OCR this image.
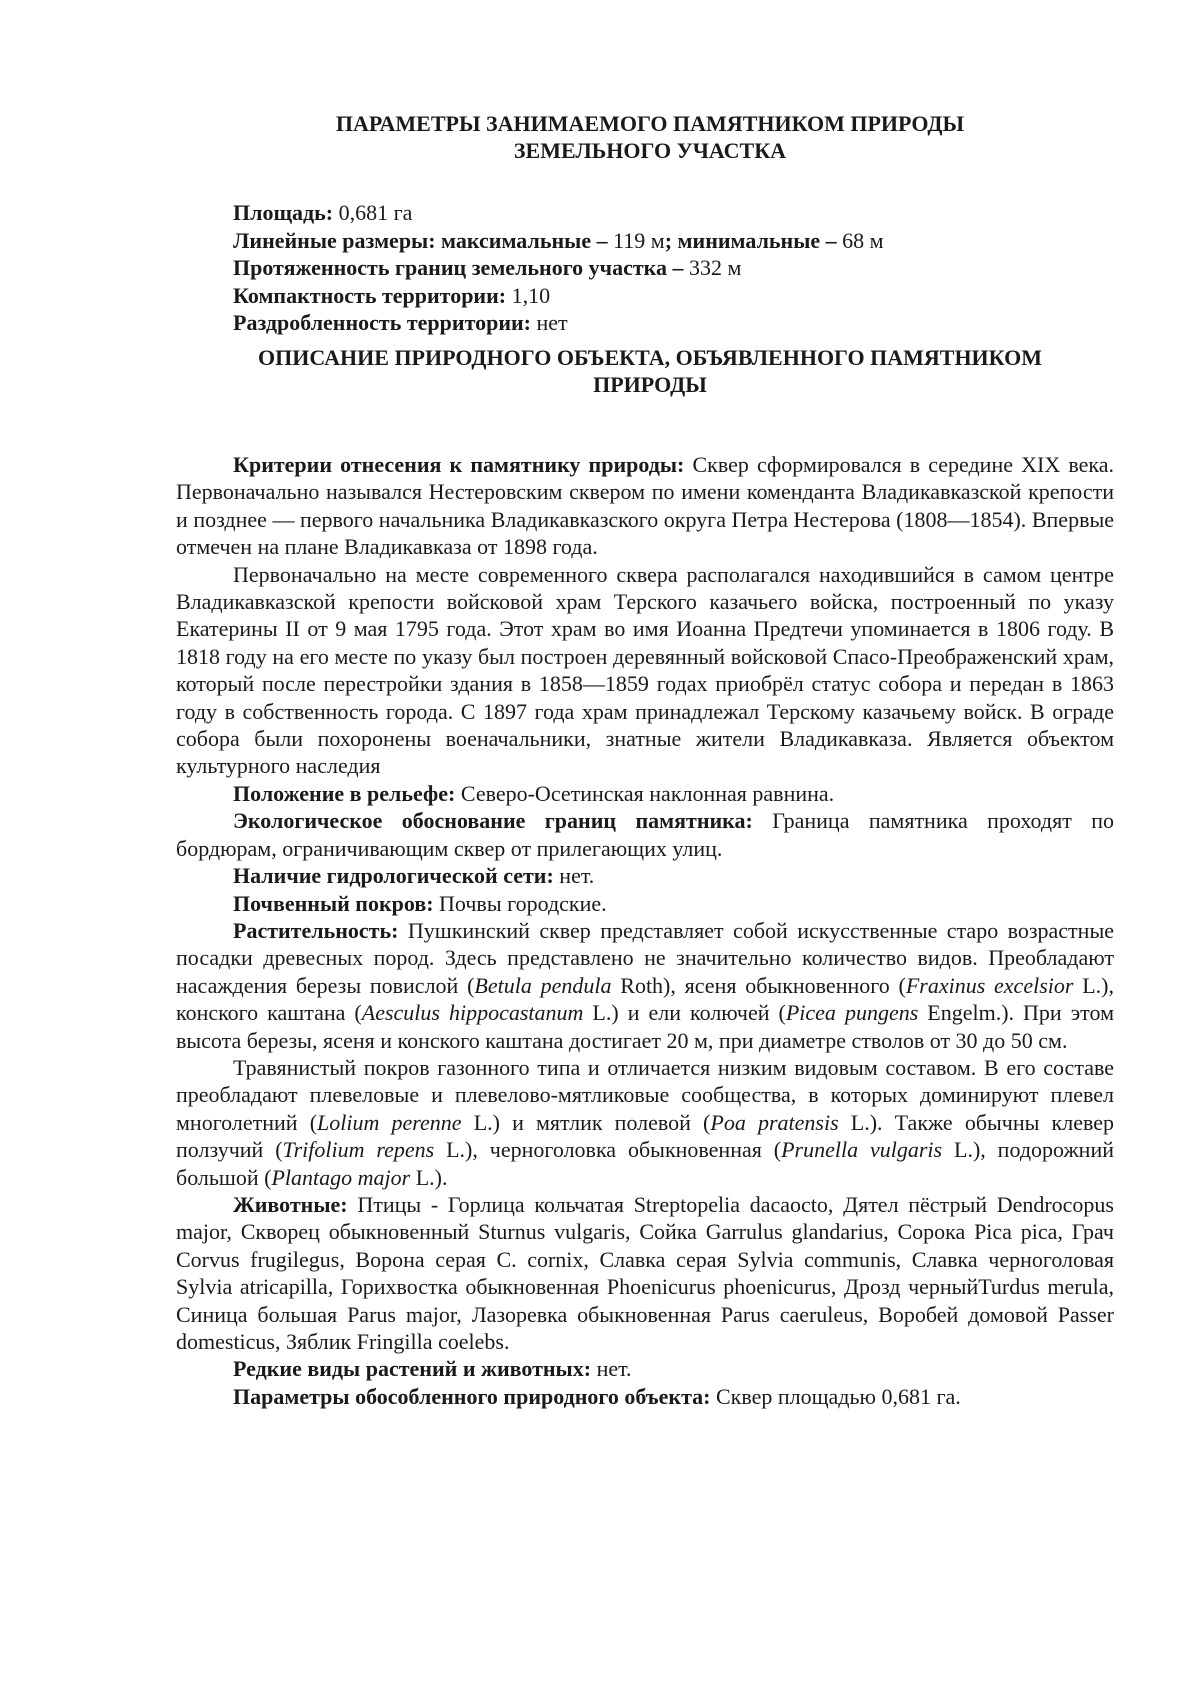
ПАРАМЕТРЫ ЗАНИМАЕМОГО ПАМЯТНИКОМ ПРИРОДЫ
ЗЕМЕЛЬНОГО УЧАСТКА
Площадь: 0,681 га
Линейные размеры: максимальные – 119 м; минимальные – 68 м
Протяженность границ земельного участка – 332 м
Компактность территории: 1,10
Раздробленность территории: нет
ОПИСАНИЕ ПРИРОДНОГО ОБЪЕКТА, ОБЪЯВЛЕННОГО ПАМЯТНИКОМ
ПРИРОДЫ

Критерии отнесения к памятнику природы: Сквер сформировался в середине XIX века. Первоначально назывался Нестеровским сквером по имени коменданта Владикавказской крепости и позднее — первого начальника Владикавказского округа Петра Нестерова (1808—1854). Впервые отмечен на плане Владикавказа от 1898 года.

Первоначально на месте современного сквера располагался находившийся в самом центре Владикавказской крепости войсковой храм Терского казачьего войска, построенный по указу Екатерины II от 9 мая 1795 года. Этот храм во имя Иоанна Предтечи упоминается в 1806 году. В 1818 году на его месте по указу был построен деревянный войсковой Спасо-Преображенский храм, который после перестройки здания в 1858—1859 годах приобрёл статус собора и передан в 1863 году в собственность города. С 1897 года храм принадлежал Терскому казачьему войск. В ограде собора были похоронены военачальники, знатные жители Владикавказа. Является объектом культурного наследия

Положение в рельефе: Северо-Осетинская наклонная равнина.

Экологическое обоснование границ памятника: Граница памятника проходят по бордюрам, ограничивающим сквер от прилегающих улиц.

Наличие гидрологической сети: нет.

Почвенный покров: Почвы городские.

Растительность: Пушкинский сквер представляет собой искусственные старо возрастные посадки древесных пород. Здесь представлено не значительно количество видов. Преобладают насаждения березы повислой (Betula pendula Roth), ясеня обыкновенного (Fraxinus excelsior L.), конского каштана (Aesculus hippocastanum L.) и ели колючей (Picea pungens Engelm.). При этом высота березы, ясеня и конского каштана достигает 20 м, при диаметре стволов от 30 до 50 см.

Травянистый покров газонного типа и отличается низким видовым составом. В его составе преобладают плевеловые и плевелово-мятликовые сообщества, в которых доминируют плевел многолетний (Lolium perenne L.) и мятлик полевой (Poa pratensis L.). Также обычны клевер ползучий (Trifolium repens L.), черноголовка обыкновенная (Prunella vulgaris L.), подорожний большой (Plantago major L.).

Животные: Птицы - Горлица кольчатая Streptopelia dacaocto, Дятел пёстрый Dendrocopus major, Скворец обыкновенный Sturnus vulgaris, Сойка Garrulus glandarius, Сорока Pica pica, Грач Corvus frugilegus, Ворона серая C. cornix, Славка серая Sylvia communis, Славка черноголовая Sylvia atricapilla, Горихвостка обыкновенная Phoenicurus phoenicurus, Дрозд черныйTurdus merula, Синица большая Parus major, Лазоревка обыкновенная Parus caeruleus, Воробей домовой Passer domesticus, Зяблик Fringilla coelebs.

Редкие виды растений и животных: нет.

Параметры обособленного природного объекта: Сквер площадью 0,681 га.
